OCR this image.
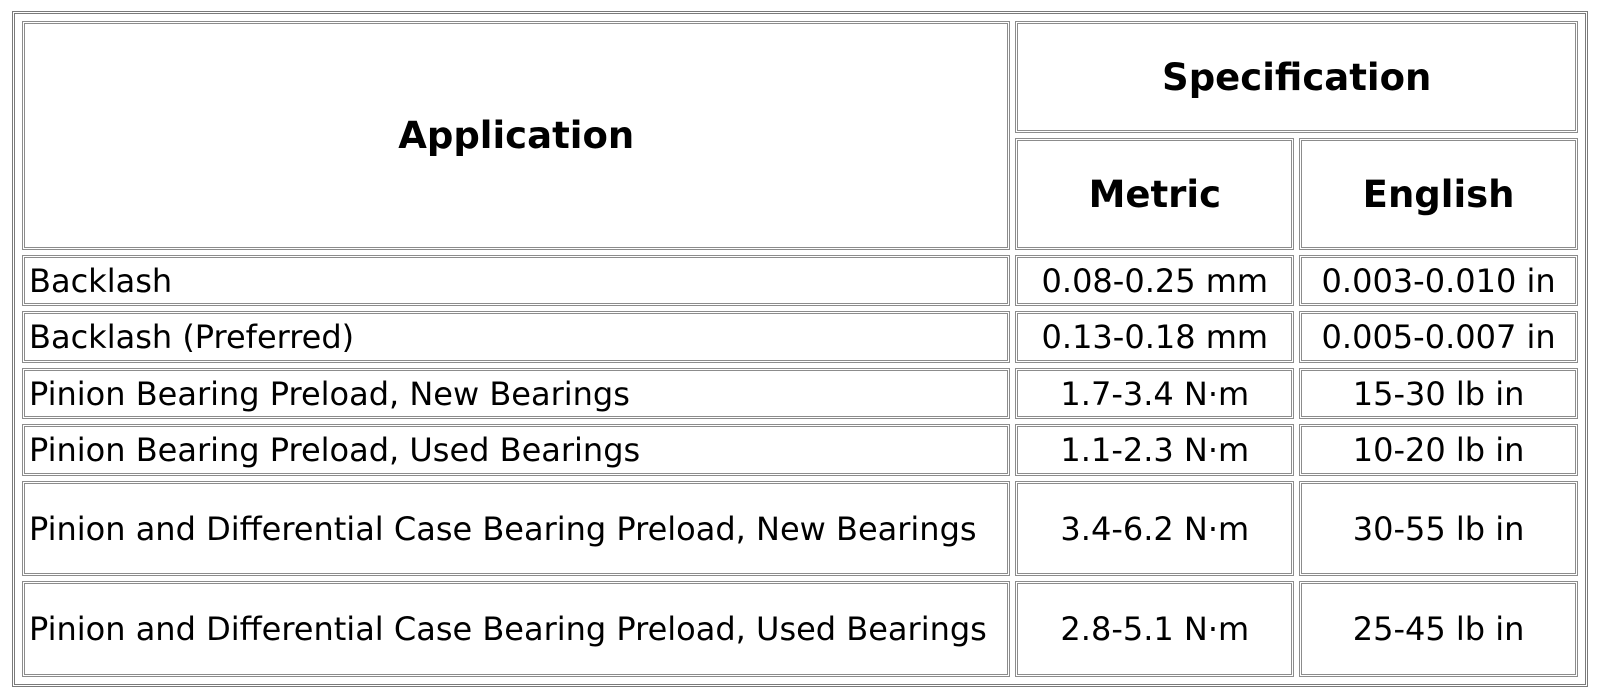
Application	Specification	
	Metric	English
Backlash	0.08-0.25 mm	0.003-0.010 in
Backlash (Preferred)	0.13-0.18 mm	0.005-0.007 in
Pinion Bearing Preload, New Bearings	1.7-3.4 N·m	15-30 lb in
Pinion Bearing Preload, Used Bearings	1.1-2.3 N·m	10-20 lb in
Pinion and Differential Case Bearing Preload, New Bearings	3.4-6.2 N·m	30-55 lb in
Pinion and Differential Case Bearing Preload, Used Bearings	2.8-5.1 N·m	25-45 lb in
